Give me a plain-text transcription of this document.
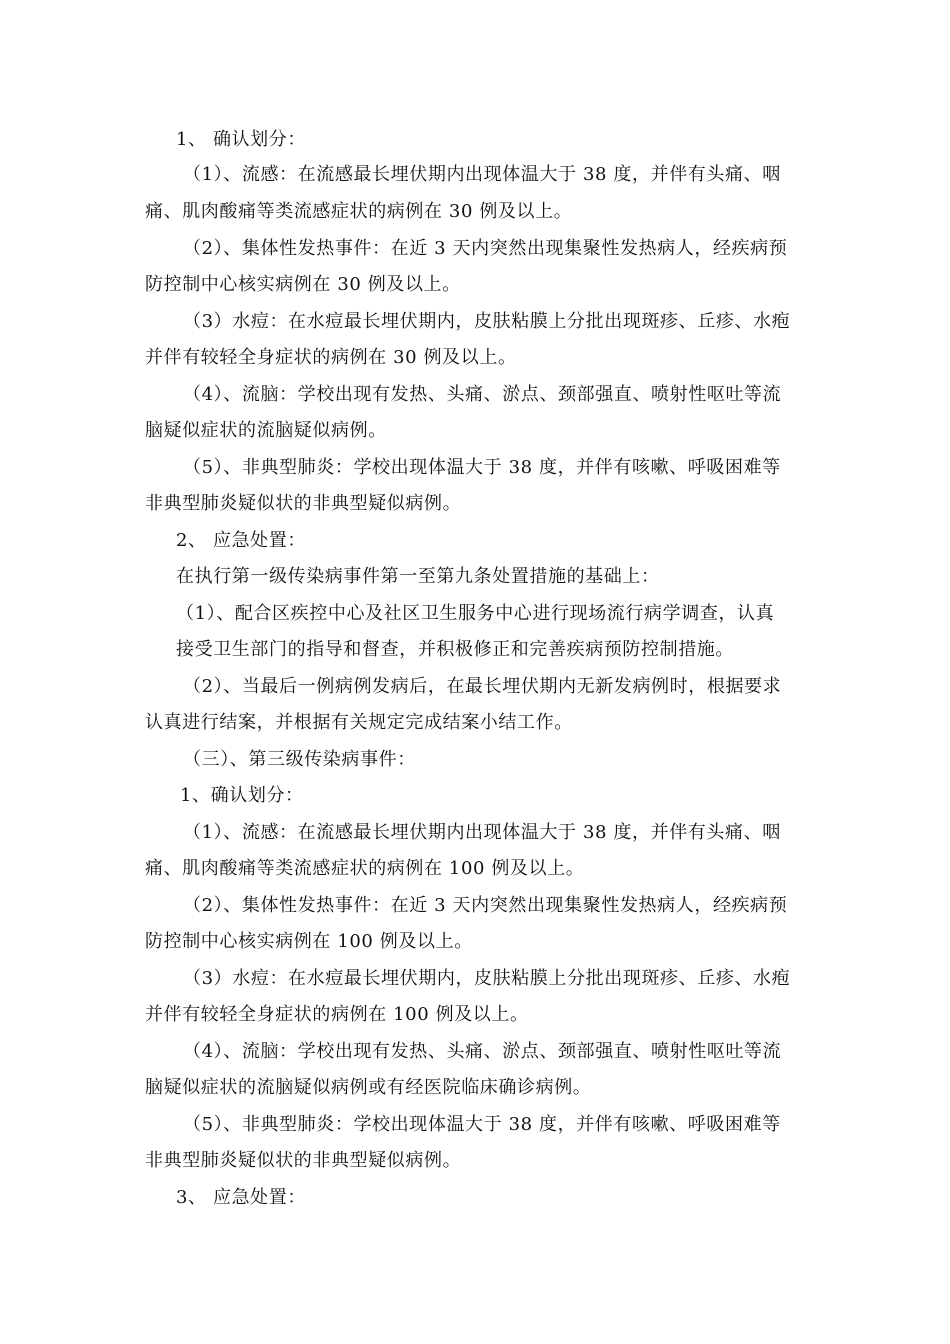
1、 确认划分：
（1）、流感：在流感最长埋伏期内出现体温大于 38 度，并伴有头痛、咽
痛、肌肉酸痛等类流感症状的病例在 30 例及以上。
（2）、集体性发热事件：在近 3 天内突然出现集聚性发热病人，经疾病预
防控制中心核实病例在 30 例及以上。
（3）水痘：在水痘最长埋伏期内，皮肤粘膜上分批出现斑疹、丘疹、水疱
并伴有较轻全身症状的病例在 30 例及以上。
（4）、流脑：学校出现有发热、头痛、淤点、颈部强直、喷射性呕吐等流
脑疑似症状的流脑疑似病例。
（5）、非典型肺炎：学校出现体温大于 38 度，并伴有咳嗽、呼吸困难等
非典型肺炎疑似状的非典型疑似病例。
2、 应急处置：
在执行第一级传染病事件第一至第九条处置措施的基础上：
（1）、配合区疾控中心及社区卫生服务中心进行现场流行病学调查，认真
接受卫生部门的指导和督查，并积极修正和完善疾病预防控制措施。
（2）、当最后一例病例发病后，在最长埋伏期内无新发病例时，根据要求
认真进行结案，并根据有关规定完成结案小结工作。
（三）、第三级传染病事件：
1、确认划分：
（1）、流感：在流感最长埋伏期内出现体温大于 38 度，并伴有头痛、咽
痛、肌肉酸痛等类流感症状的病例在 100 例及以上。
（2）、集体性发热事件：在近 3 天内突然出现集聚性发热病人，经疾病预
防控制中心核实病例在 100 例及以上。
（3）水痘：在水痘最长埋伏期内，皮肤粘膜上分批出现斑疹、丘疹、水疱
并伴有较轻全身症状的病例在 100 例及以上。
（4）、流脑：学校出现有发热、头痛、淤点、颈部强直、喷射性呕吐等流
脑疑似症状的流脑疑似病例或有经医院临床确诊病例。
（5）、非典型肺炎：学校出现体温大于 38 度，并伴有咳嗽、呼吸困难等
非典型肺炎疑似状的非典型疑似病例。
3、 应急处置：
